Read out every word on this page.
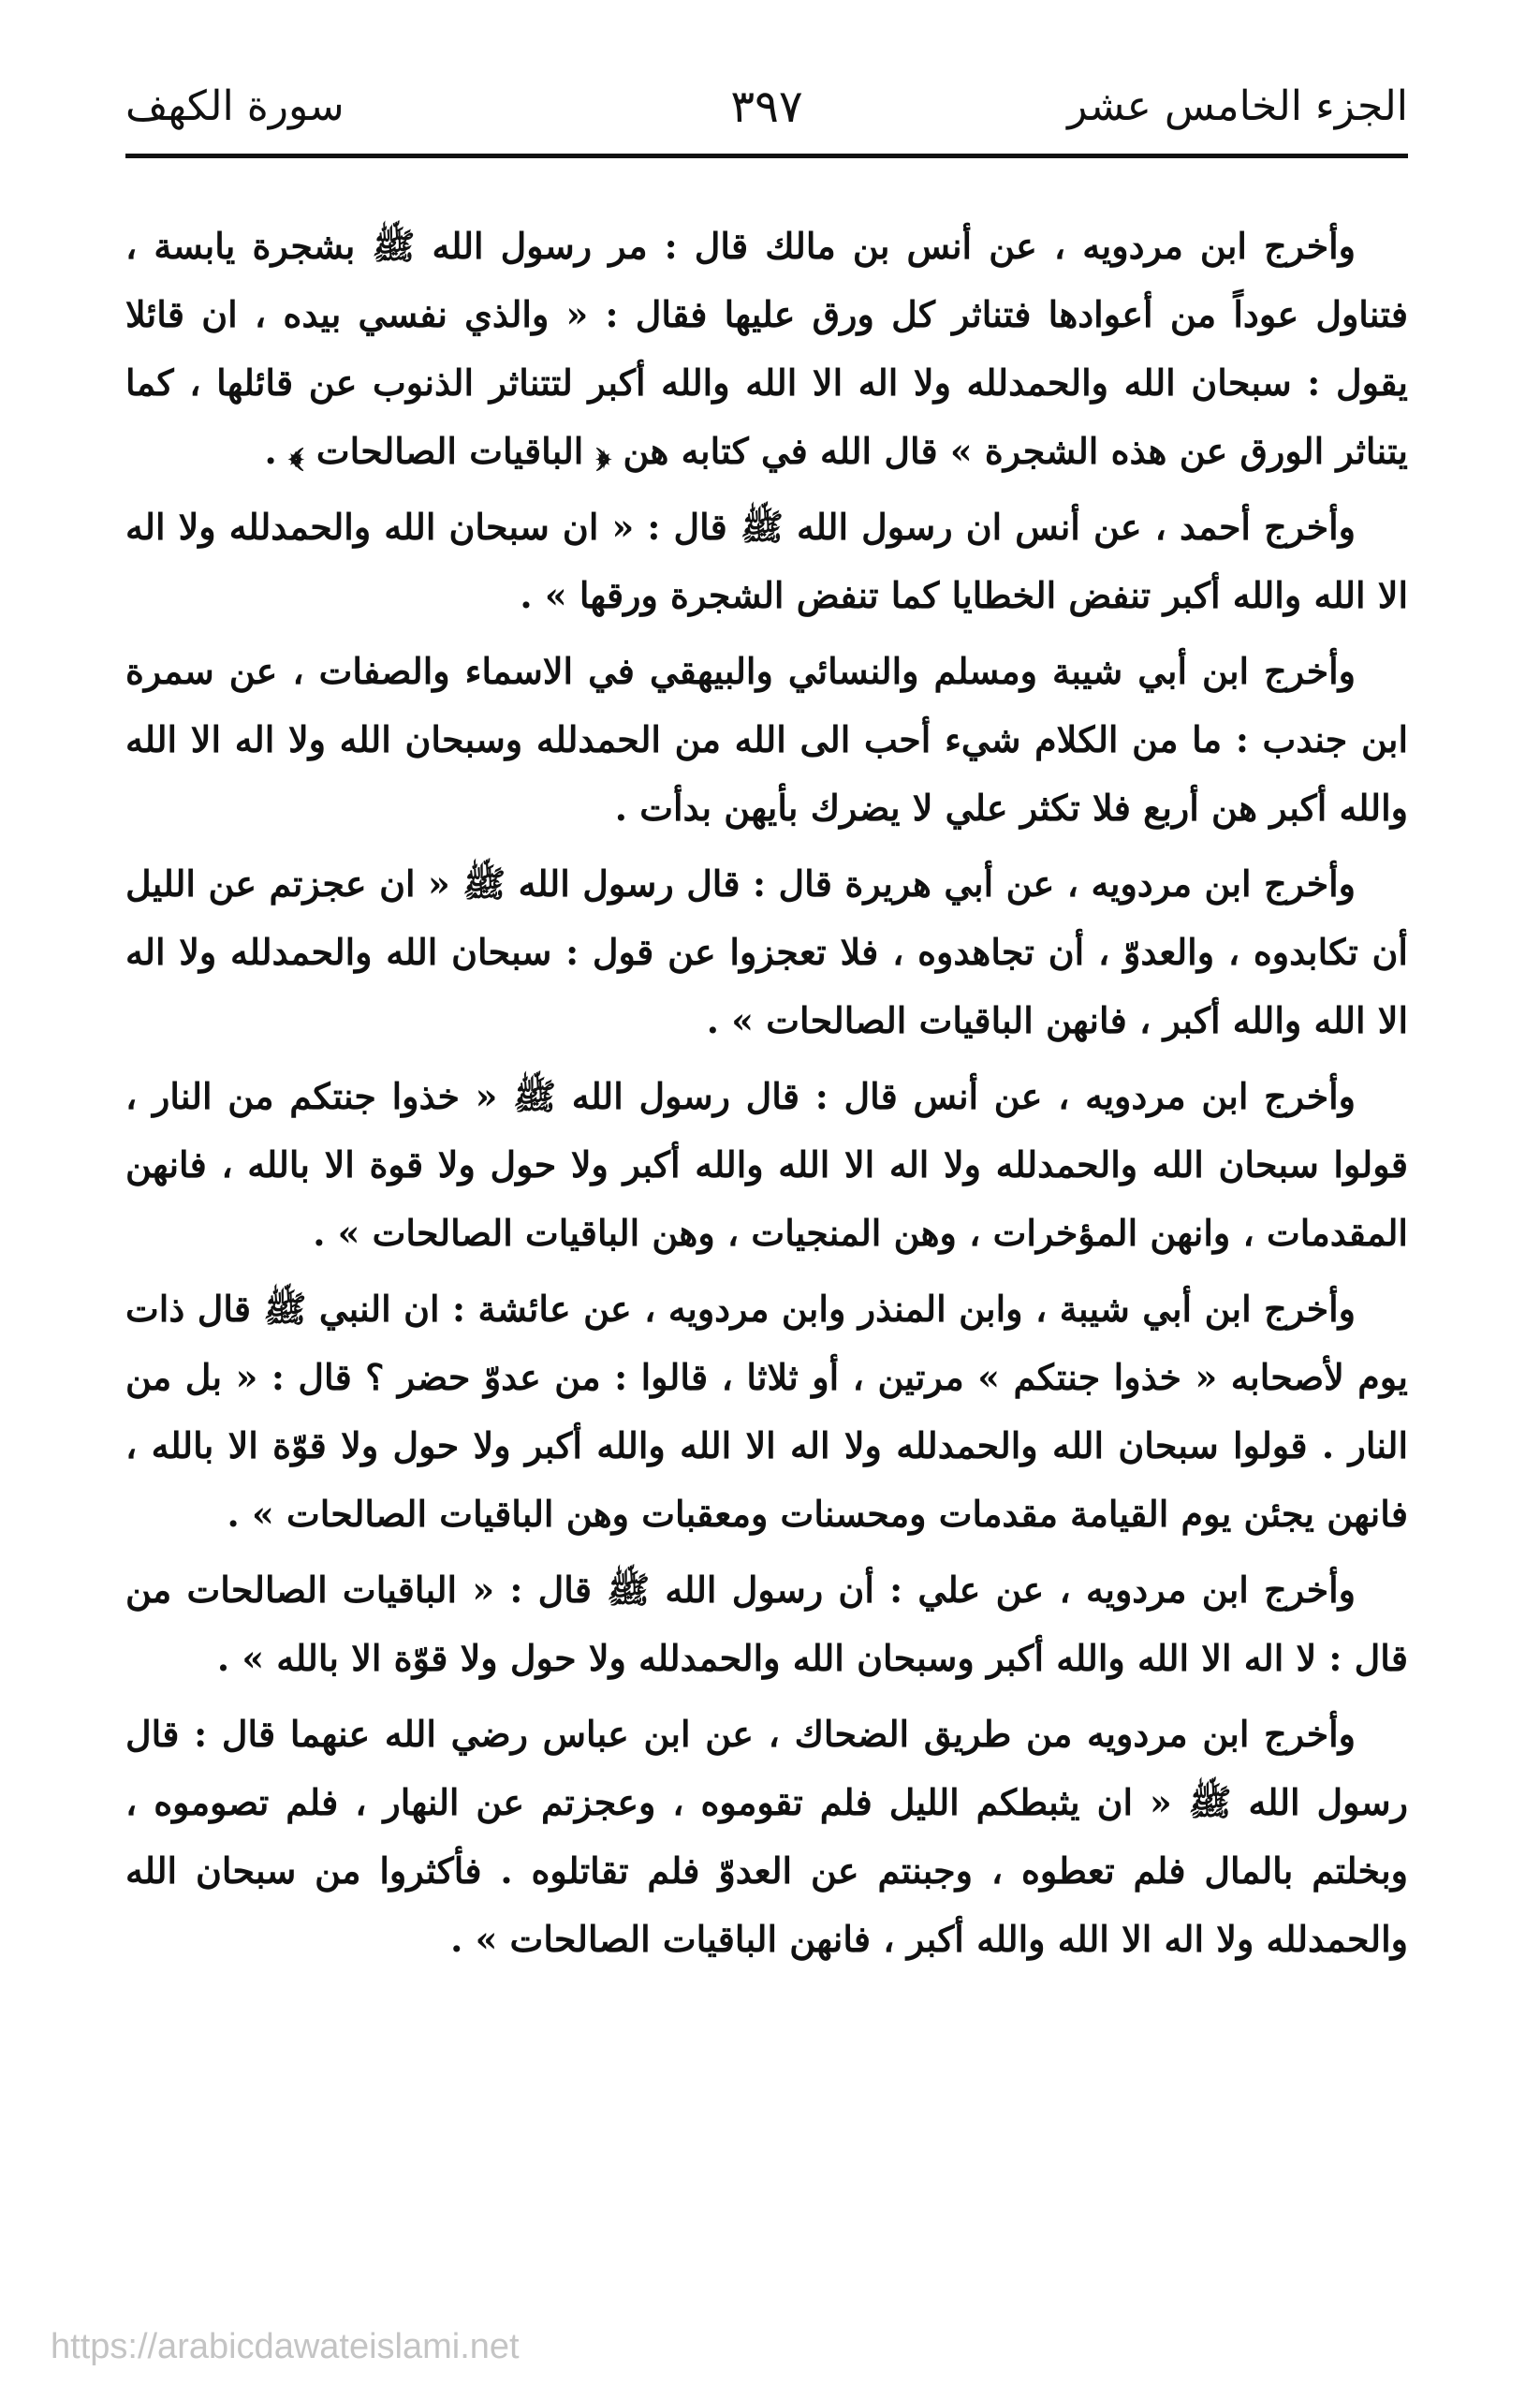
الجزء الخامس عشر
٣٩٧
سورة الكهف

وأخرج ابن مردويه ، عن أنس بن مالك قال : مر رسول الله ﷺ بشجرة يابسة ، فتناول عوداً من أعوادها فتناثر كل ورق عليها فقال : « والذي نفسي بيده ، ان قائلا يقول : سبحان الله والحمدلله ولا اله الا الله والله أكبر لتتناثر الذنوب عن قائلها ، كما يتناثر الورق عن هذه الشجرة » قال الله في كتابه هن ﴿ الباقيات الصالحات ﴾ .

وأخرج أحمد ، عن أنس ان رسول الله ﷺ قال : « ان سبحان الله والحمدلله ولا اله الا الله والله أكبر تنفض الخطايا كما تنفض الشجرة ورقها » .

وأخرج ابن أبي شيبة ومسلم والنسائي والبيهقي في الاسماء والصفات ، عن سمرة ابن جندب : ما من الكلام شيء أحب الى الله من الحمدلله وسبحان الله ولا اله الا الله والله أكبر هن أربع فلا تكثر علي لا يضرك بأيهن بدأت .

وأخرج ابن مردويه ، عن أبي هريرة قال : قال رسول الله ﷺ « ان عجزتم عن الليل أن تكابدوه ، والعدوّ ، أن تجاهدوه ، فلا تعجزوا عن قول : سبحان الله والحمدلله ولا اله الا الله والله أكبر ، فانهن الباقيات الصالحات » .

وأخرج ابن مردويه ، عن أنس قال : قال رسول الله ﷺ « خذوا جنتكم من النار ، قولوا سبحان الله والحمدلله ولا اله الا الله والله أكبر ولا حول ولا قوة الا بالله ، فانهن المقدمات ، وانهن المؤخرات ، وهن المنجيات ، وهن الباقيات الصالحات » .

وأخرج ابن أبي شيبة ، وابن المنذر وابن مردويه ، عن عائشة : ان النبي ﷺ قال ذات يوم لأصحابه « خذوا جنتكم » مرتين ، أو ثلاثا ، قالوا : من عدوّ حضر ؟ قال : « بل من النار . قولوا سبحان الله والحمدلله ولا اله الا الله والله أكبر ولا حول ولا قوّة الا بالله ، فانهن يجئن يوم القيامة مقدمات ومحسنات ومعقبات وهن الباقيات الصالحات » .

وأخرج ابن مردويه ، عن علي : أن رسول الله ﷺ قال : « الباقيات الصالحات من قال : لا اله الا الله والله أكبر وسبحان الله والحمدلله ولا حول ولا قوّة الا بالله » .

وأخرج ابن مردويه من طريق الضحاك ، عن ابن عباس رضي الله عنهما قال : قال رسول الله ﷺ « ان يثبطكم الليل فلم تقوموه ، وعجزتم عن النهار ، فلم تصوموه ، وبخلتم بالمال فلم تعطوه ، وجبنتم عن العدوّ فلم تقاتلوه . فأكثروا من سبحان الله والحمدلله ولا اله الا الله والله أكبر ، فانهن الباقيات الصالحات » .

https://arabicdawateislami.net
